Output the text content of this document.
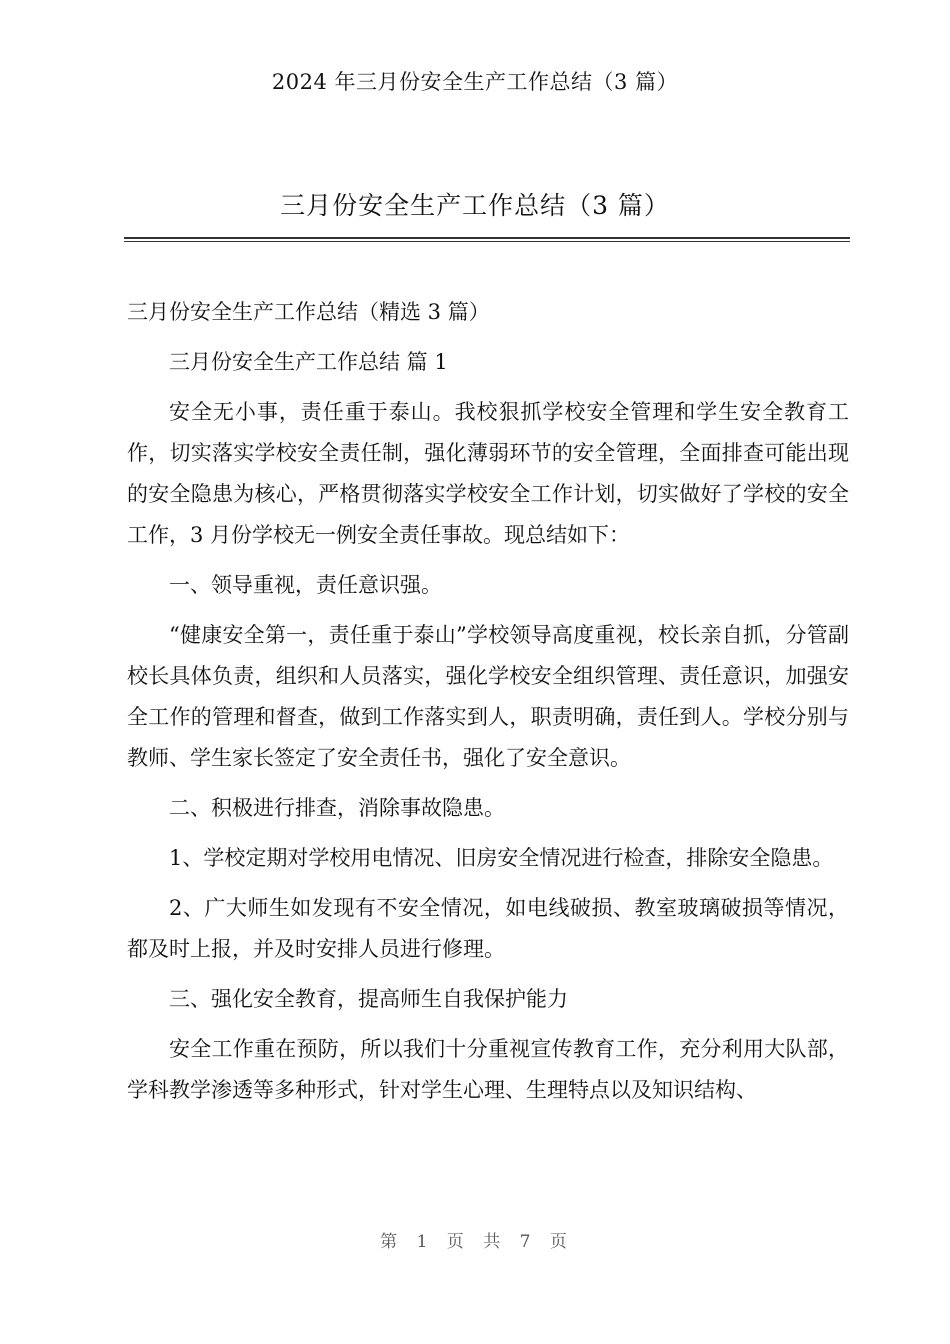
2024 年三月份安全生产工作总结（3 篇）
三月份安全生产工作总结（3 篇）

三月份安全生产工作总结（精选 3 篇）

三月份安全生产工作总结 篇 1

安全无小事，责任重于泰山。我校狠抓学校安全管理和学生安全教育工作，切实落实学校安全责任制，强化薄弱环节的安全管理，全面排查可能出现的安全隐患为核心，严格贯彻落实学校安全工作计划，切实做好了学校的安全工作，3 月份学校无一例安全责任事故。现总结如下：

一、领导重视，责任意识强。

“健康安全第一，责任重于泰山”学校领导高度重视，校长亲自抓，分管副校长具体负责，组织和人员落实，强化学校安全组织管理、责任意识，加强安全工作的管理和督查，做到工作落实到人，职责明确，责任到人。学校分别与教师、学生家长签定了安全责任书，强化了安全意识。

二、积极进行排查，消除事故隐患。

1、学校定期对学校用电情况、旧房安全情况进行检查，排除安全隐患。

2、广大师生如发现有不安全情况，如电线破损、教室玻璃破损等情况，都及时上报，并及时安排人员进行修理。

三、强化安全教育，提高师生自我保护能力

安全工作重在预防，所以我们十分重视宣传教育工作，充分利用大队部，学科教学渗透等多种形式，针对学生心理、生理特点以及知识结构、

第 1 页 共 7 页
